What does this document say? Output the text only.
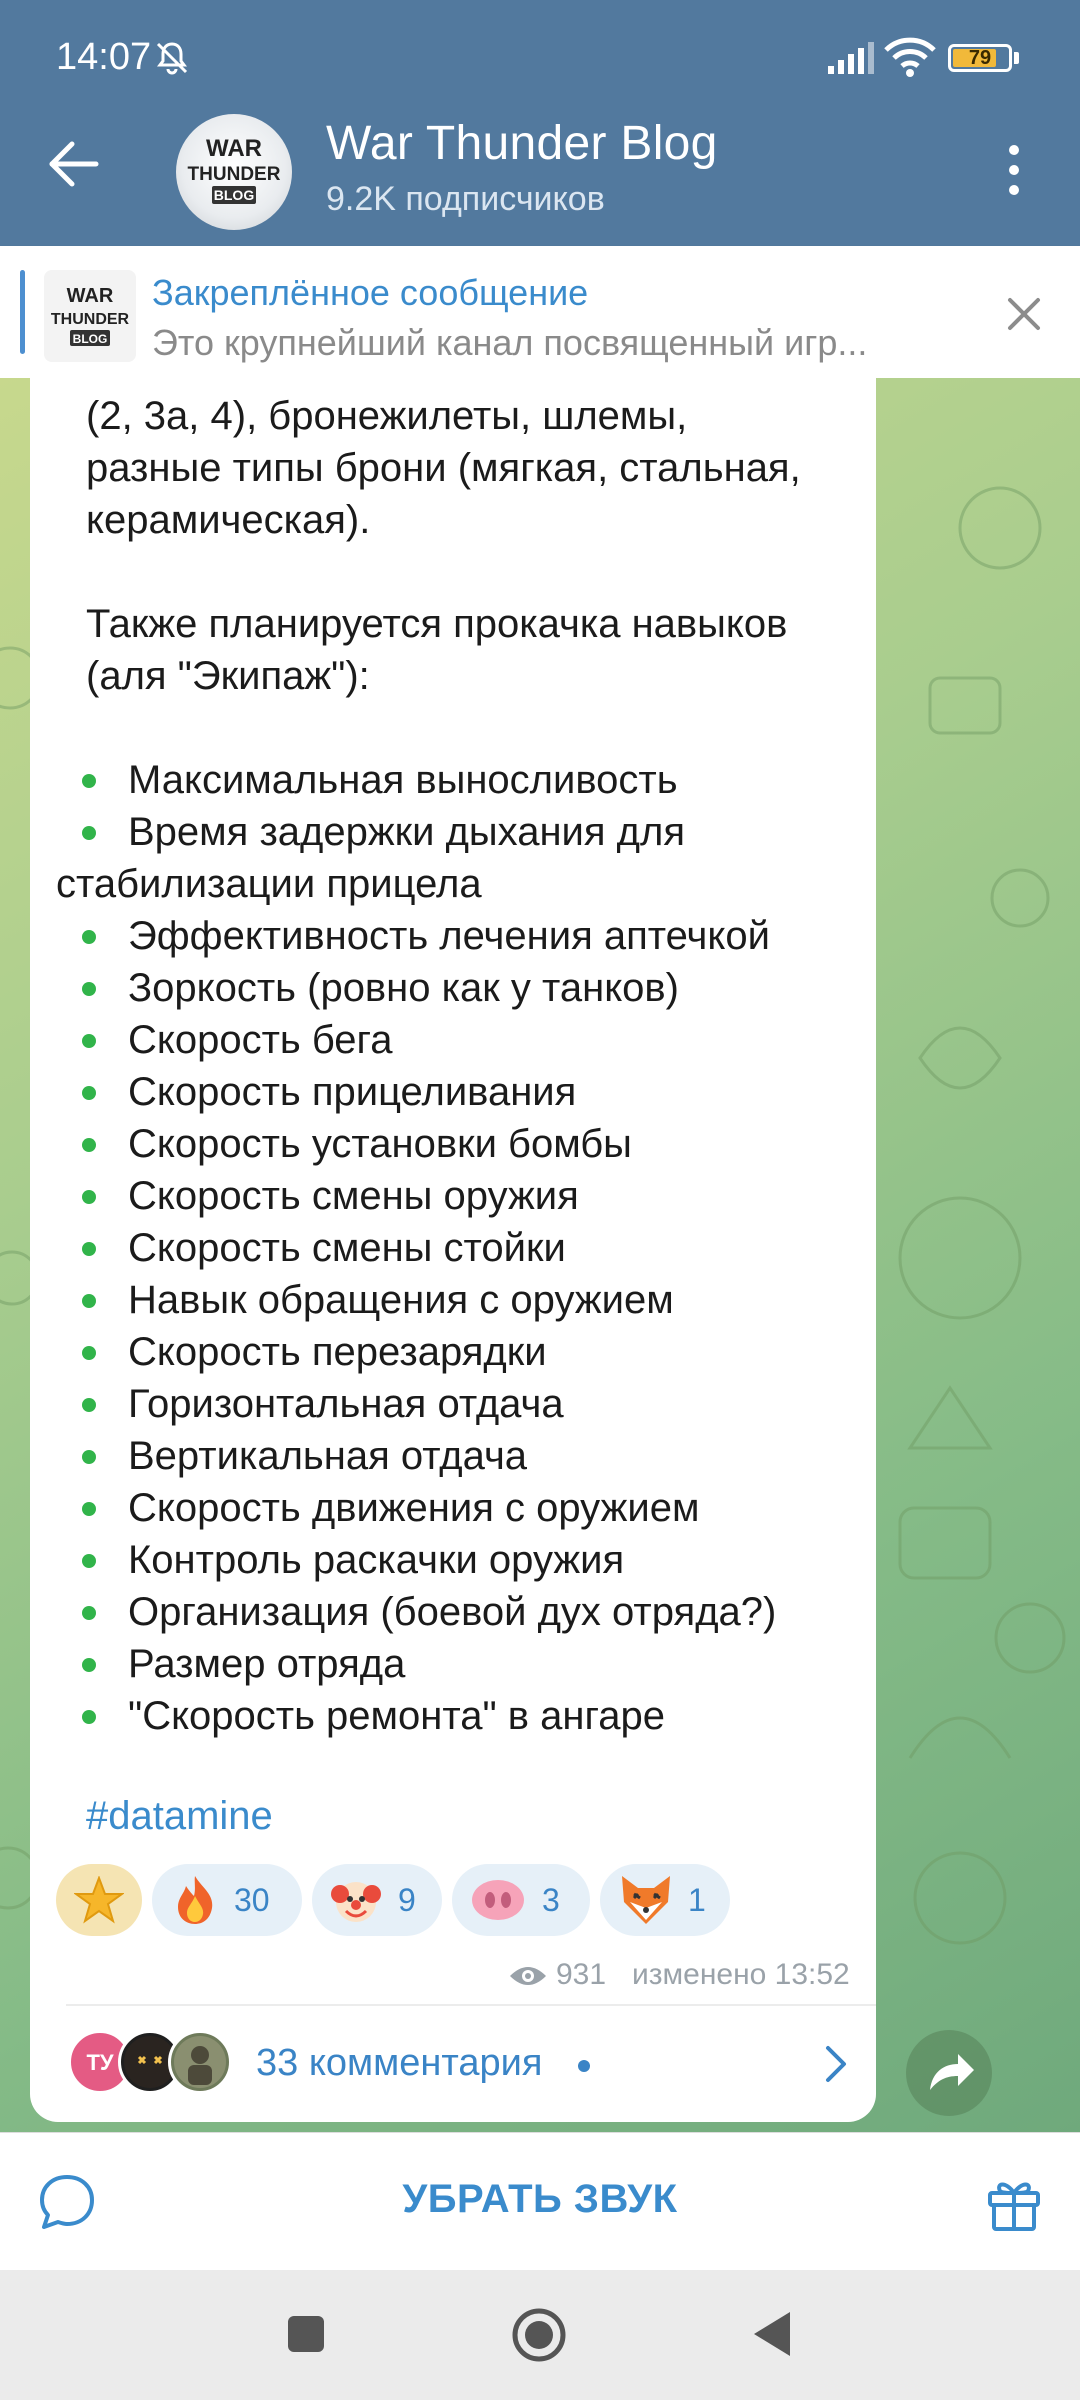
14:07	79
WAR
THUNDER
BLOG
War Thunder Blog
9.2K подписчиков
WAR
THUNDER
BLOG
Закреплённое сообщение
Это крупнейший канал посвященный игр...
(2, 3а, 4), бронежилеты, шлемы,
разные типы брони (мягкая, стальная,
керамическая).
Также планируется прокачка навыков
(аля "Экипаж"):
Максимальная выносливость
Время задержки дыхания для
стабилизации прицела
Эффективность лечения аптечкой
Зоркость (ровно как у танков)
Скорость бега
Скорость прицеливания
Скорость установки бомбы
Скорость смены оружия
Скорость смены стойки
Навык обращения с оружием
Скорость перезарядки
Горизонтальная отдача
Вертикальная отдача
Скорость движения с оружием
Контроль раскачки оружия
Организация (боевой дух отряда?)
Размер отряда
"Скорость ремонта" в ангаре
#datamine
30	9	3	1
931 изменено 13:52
ТУ	33 комментария
УБРАТЬ ЗВУК
